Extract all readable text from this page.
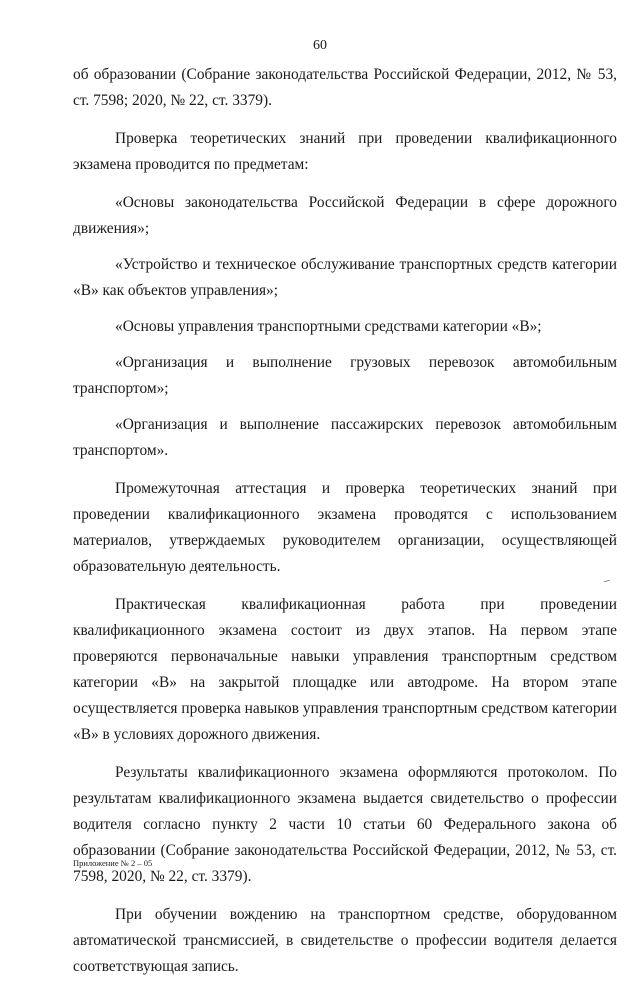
60

об образовании (Собрание законодательства Российской Федерации, 2012, № 53, ст. 7598; 2020, № 22, ст. 3379).

Проверка теоретических знаний при проведении квалификационного экзамена проводится по предметам:

«Основы законодательства Российской Федерации в сфере дорожного движения»;

«Устройство и техническое обслуживание транспортных средств категории «В» как объектов управления»;

«Основы управления транспортными средствами категории «В»;

«Организация и выполнение грузовых перевозок автомобильным транспортом»;

«Организация и выполнение пассажирских перевозок автомобильным транспортом».

Промежуточная аттестация и проверка теоретических знаний при проведении квалификационного экзамена проводятся с использованием материалов, утверждаемых руководителем организации, осуществляющей образовательную деятельность.

Практическая квалификационная работа при проведении квалификационного экзамена состоит из двух этапов. На первом этапе проверяются первоначальные навыки управления транспортным средством категории «В» на закрытой площадке или автодроме. На втором этапе осуществляется проверка навыков управления транспортным средством категории «В» в условиях дорожного движения.

Результаты квалификационного экзамена оформляются протоколом. По результатам квалификационного экзамена выдается свидетельство о профессии водителя согласно пункту 2 части 10 статьи 60 Федерального закона об образовании (Собрание законодательства Российской Федерации, 2012, № 53, ст. 7598, 2020, № 22, ст. 3379).

При обучении вождению на транспортном средстве, оборудованном автоматической трансмиссией, в свидетельстве о профессии водителя делается соответствующая запись.

Приложение № 2 – 05
